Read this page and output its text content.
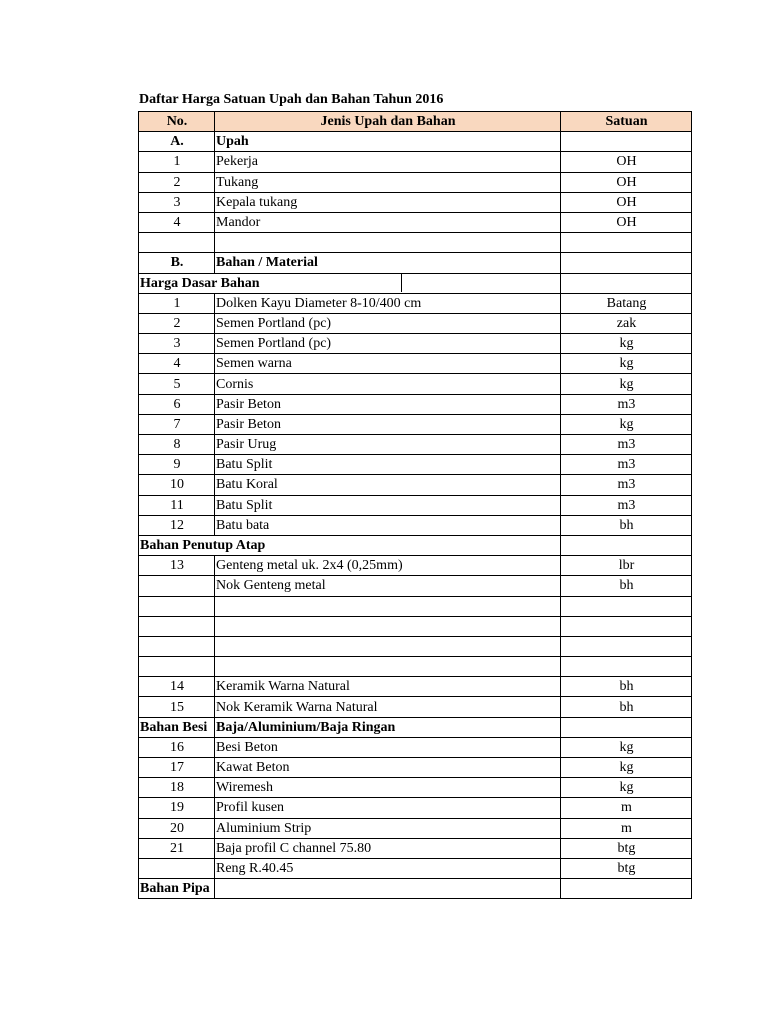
Daftar Harga Satuan Upah dan Bahan Tahun 2016
No.	Jenis Upah dan Bahan	Satuan
A.	Upah	
1	Pekerja	OH
2	Tukang	OH
3	Kepala tukang	OH
4	Mandor	OH

B.	Bahan / Material	
Harga Dasar Bahan	

1	Dolken Kayu Diameter 8-10/400 cm	Batang
2	Semen Portland (pc)	zak
3	Semen Portland (pc)	kg
4	Semen warna	kg
5	Cornis	kg
6	Pasir Beton	m3
7	Pasir Beton	kg
8	Pasir Urug	m3
9	Batu Split	m3
10	Batu Koral	m3
11	Batu Split	m3
12	Batu bata	bh
Bahan Penutup Atap		
13	Genteng metal uk. 2x4 (0,25mm)	lbr
	Nok Genteng metal	bh

14	Keramik Warna Natural	bh
15	Nok Keramik Warna Natural	bh
Bahan Besi	Baja/Aluminium/Baja Ringan	
16	Besi Beton	kg
17	Kawat Beton	kg
18	Wiremesh	kg
19	Profil kusen	m
20	Aluminium Strip	m
21	Baja profil C channel 75.80	btg
	Reng R.40.45	btg
Bahan Pipa		
